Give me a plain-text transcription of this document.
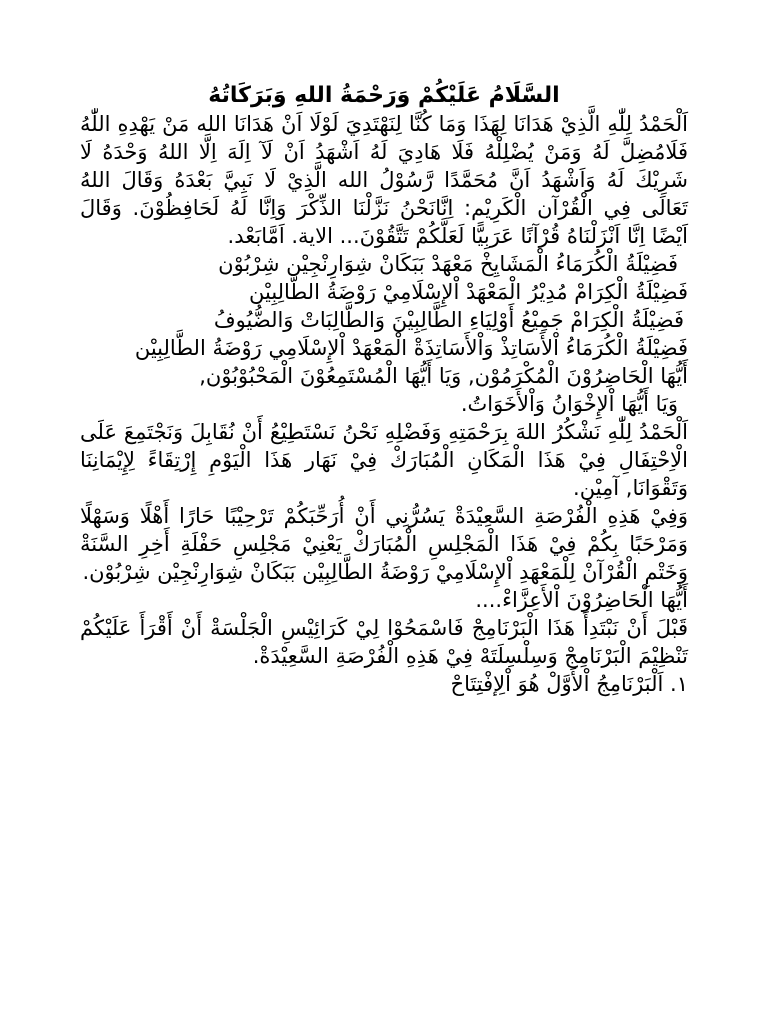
السَّلَامُ عَلَيْكُمْ وَرَحْمَةُ اللهِ وَبَرَكَاتُهُ

اَلْحَمْدُ لِلّٰهِ الَّذِيْ هَدَانَا لِهَذَا وَمَا كُنَّا لِنَهْتَدِيَ لَوْلَا اَنْ هَدَانَا الله مَنْ يَهْدِهِ اللّٰهُ فَلَامُضِلَّ لَهُ وَمَنْ يُضْلِلْهُ فَلَا هَادِيَ لَهُ اَشْهَدُ اَنْ لَآ اِلَهَ اِلَّا اللهُ وَحْدَهُ لَا شَرِيْكَ لَهُ وَاَشْهَدُ اَنَّ مُحَمَّدًا رَّسُوْلُ الله الَّذِيْ لَا نَبِيَّ بَعْدَهُ وَقَالَ اللهُ تَعَالَى فِي الْقُرْآن الْكَرِيْم: اِنَّانَحْنُ نَزَّلْنَا الذِّكْرَ وَاِنَّا لَهُ لَحَافِظُوْنَ. وَقَالَ اَيْضًا اِنَّا اَنْزَلْنَاهُ قُرْآنًا عَرَبِيًّا لَعَلَّكُمْ تَتَّقُوْنَ... الاية. اَمَّابَعْد.

فَضِيْلَةُ الْكُرَمَاءُ الْمَشَايِخْ مَعْهَدْ بَبَكَانْ شِوَارِنْجِيْن شِرْبُوْن

فَضِيْلَةُ الْكِرَامْ مُدِيْرُ الْمَعْهَدْ اْلإِسْلَامِيْ رَوْضَةُ الطَّالِبِيْن

فَضِيْلَةُ الْكِرَامْ جَمِيْعُ أَوْلِيَاءِ الطَّالِبِيْنَ وَالطَّالِبَاتْ وَالضُّيُوفُ

فَضِيْلَةُ الْكُرَمَاءُ اْلأَسَاتِذْ وَاْلأَسَاتِذَةْ الْمَعْهَدْ اْلإِسْلَامِي رَوْضَةُ الطَّالِبِيْن

أَيُّهَا الْحَاضِرُوْنَ الْمُكْرَمُوْن, وَيَا أَيُّهَا الْمُسْتَمِعُوْنَ الْمَحْبُوْبُوْن,

وَيَا أَيُّهَا اْلإِخْوَانُ وَاْلأَخَوَاتُ.

اَلْحَمْدُ لِلّٰهِ نَشْكُرُ اللهَ بِرَحْمَتِهِ وَفَضْلِهِ نَحْنُ نَسْتَطِيْعُ أَنْ نُقَابِلَ وَنَجْتَمِعَ عَلَى الْاِحْتِفَالِ فِيْ هَذَا الْمَكَانِ الْمُبَارَكْ فِيْ نَهَار هَذَا الْيَوْمِ إِرْتِقَاءً لِإِيْمَانِنَا وَتَقْوَانَا, آمِيْن.

وَفِيْ هَذِهِ الْفُرْصَةِ السَّعِيْدَةْ يَسُرُّنِي أَنْ أُرَحِّبَكُمْ تَرْحِيْبًا حَارًا أَهْلًا وَسَهْلًا وَمَرْحَبًا بِكُمْ فِيْ هَذَا الْمَجْلِسِ الْمُبَارَكْ يَعْنِيْ مَجْلِسِ حَفْلَةِ أَخِرِ السَّنَةْ وَخَتْمِ الْقُرْآنْ لِلْمَعْهَدِ اْلإِسْلَامِيْ رَوْضَةُ الطَّالِبِيْن بَبَكَانْ شِوَارِنْجِيْن شِرْبُوْن.

أَيُّهَا الْحَاضِرُوْنَ اْلأَعِزَّاءْ....

قَبْلَ أَنْ نَبْتَدِأَ هَذَا الْبَرْنَامِجْ فَاسْمَحُوْا لِيْ كَرَائِيْسِ الْجَلْسَةْ أَنْ أَقْرَأَ عَلَيْكُمْ تَنْظِيْمَ الْبَرْنَامِجْ وَسِلْسِلَتَهْ فِيْ هَذِهِ الْفُرْصَةِ السَّعِيْدَةْ.

١. اَلْبَرْنَامِجُ اْلأَوَّلْ هُوَ اْلِإفْتِتَاحْ
